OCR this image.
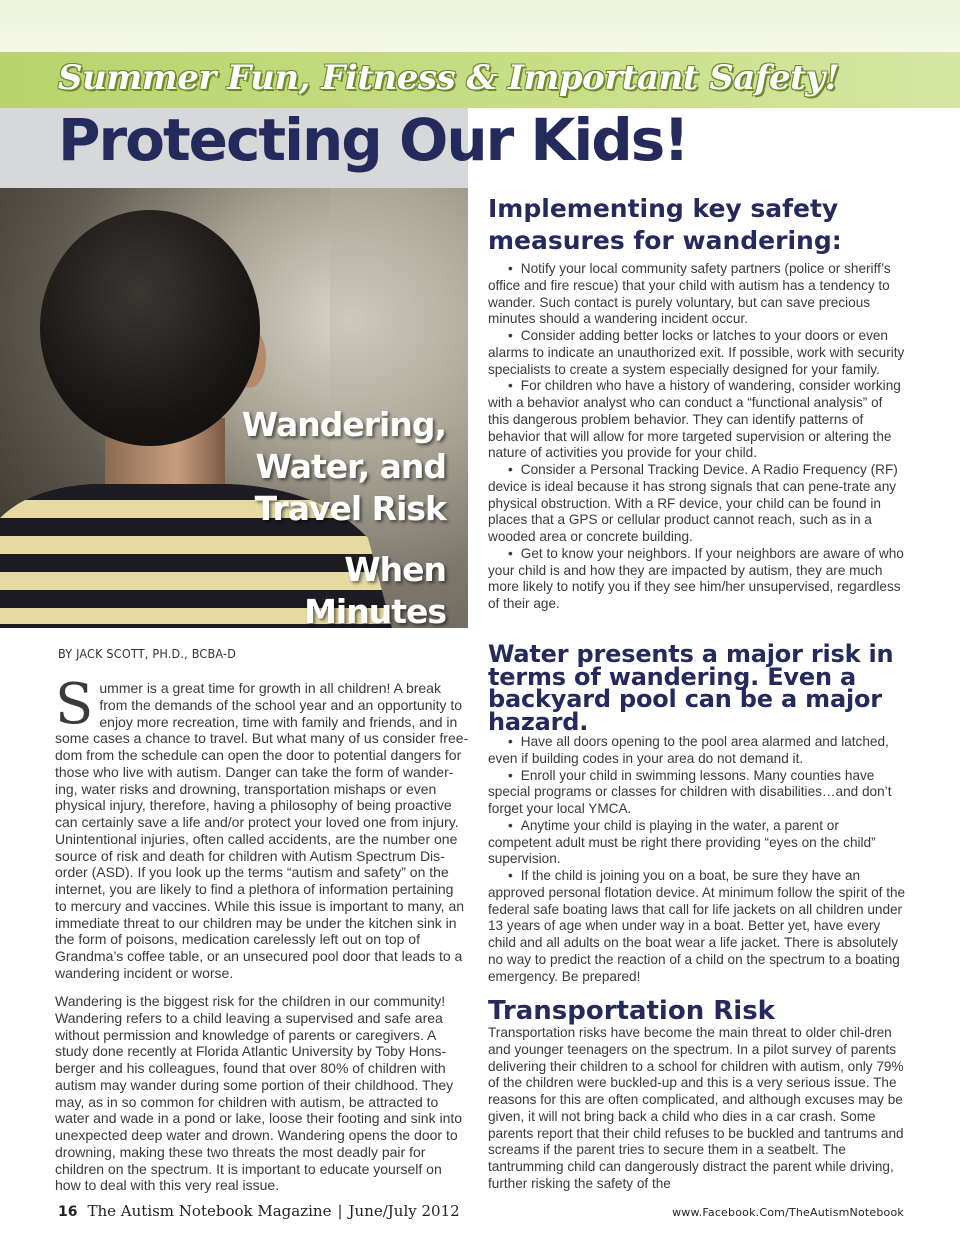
Summer Fun, Fitness & Important Safety!
Protecting Our Kids!
Wandering,
Water, and
Travel Risk
When
Minutes
BY JACK SCOTT, PH.D., BCBA-D
Summer is a great time for growth in all children! A break from the demands of the school year and an opportunity to enjoy more recreation, time with family and friends, and in some cases a chance to travel. But what many of us consider free-dom from the schedule can open the door to potential dangers for those who live with autism. Danger can take the form of wander-ing, water risks and drowning, transportation mishaps or even physical injury, therefore, having a philosophy of being proactive can certainly save a life and/or protect your loved one from injury. Unintentional injuries, often called accidents, are the number one source of risk and death for children with Autism Spectrum Dis-order (ASD). If you look up the terms “autism and safety” on the internet, you are likely to find a plethora of information pertaining to mercury and vaccines. While this issue is important to many, an immediate threat to our children may be under the kitchen sink in the form of poisons, medication carelessly left out on top of Grandma’s coffee table, or an unsecured pool door that leads to a wandering incident or worse.
Wandering is the biggest risk for the children in our community! Wandering refers to a child leaving a supervised and safe area without permission and knowledge of parents or caregivers. A study done recently at Florida Atlantic University by Toby Hons-berger and his colleagues, found that over 80% of children with autism may wander during some portion of their childhood. They may, as in so common for children with autism, be attracted to water and wade in a pond or lake, loose their footing and sink into unexpected deep water and drown. Wandering opens the door to drowning, making these two threats the most deadly pair for children on the spectrum. It is important to educate yourself on how to deal with this very real issue.
Implementing key safety measures for wandering:

• Notify your local community safety partners (police or sheriff’s office and fire rescue) that your child with autism has a tendency to wander. Such contact is purely voluntary, but can save precious minutes should a wandering incident occur.

• Consider adding better locks or latches to your doors or even alarms to indicate an unauthorized exit. If possible, work with security specialists to create a system especially designed for your family.

• For children who have a history of wandering, consider working with a behavior analyst who can conduct a “functional analysis” of this dangerous problem behavior. They can identify patterns of behavior that will allow for more targeted supervision or altering the nature of activities you provide for your child.

• Consider a Personal Tracking Device. A Radio Frequency (RF) device is ideal because it has strong signals that can pene-trate any physical obstruction. With a RF device, your child can be found in places that a GPS or cellular product cannot reach, such as in a wooded area or concrete building.

• Get to know your neighbors. If your neighbors are aware of who your child is and how they are impacted by autism, they are much more likely to notify you if they see him/her unsupervised, regardless of their age.

Water presents a major risk in terms of wandering. Even a backyard pool can be a major hazard.

• Have all doors opening to the pool area alarmed and latched, even if building codes in your area do not demand it.

• Enroll your child in swimming lessons. Many counties have special programs or classes for children with disabilities…and don’t forget your local YMCA.

• Anytime your child is playing in the water, a parent or competent adult must be right there providing “eyes on the child” supervision.

• If the child is joining you on a boat, be sure they have an approved personal flotation device. At minimum follow the spirit of the federal safe boating laws that call for life jackets on all children under 13 years of age when under way in a boat. Better yet, have every child and all adults on the boat wear a life jacket. There is absolutely no way to predict the reaction of a child on the spectrum to a boating emergency. Be prepared!

Transportation Risk
Transportation risks have become the main threat to older chil-dren and younger teenagers on the spectrum. In a pilot survey of parents delivering their children to a school for children with autism, only 79% of the children were buckled-up and this is a very serious issue. The reasons for this are often complicated, and although excuses may be given, it will not bring back a child who dies in a car crash. Some parents report that their child refuses to be buckled and tantrums and screams if the parent tries to secure them in a seatbelt. The tantrumming child can dangerously distract the parent while driving, further risking the safety of the
16 The Autism Notebook Magazine | June/July 2012	www.Facebook.Com/TheAutismNotebook
